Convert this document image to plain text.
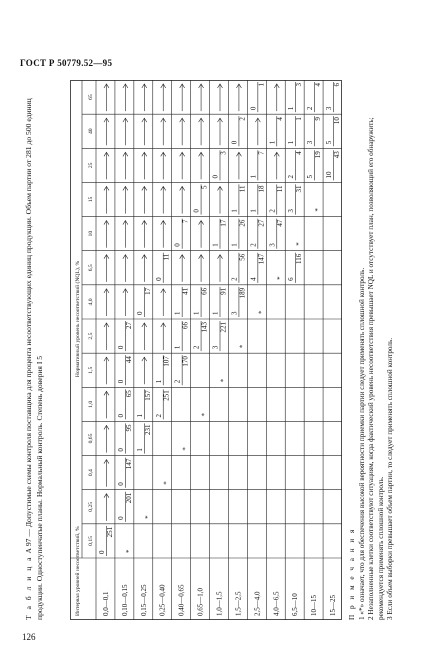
ГОСТ Р 50779.52—95
Т а б л и ц а А 97 — Допустимые схемы контроля поставщика для процента несоответствующих единиц продукции. Объем партии от 281 до 500 единиц продукции. Одноступенчатые планы. Нормальный контроль. Степень доверия I 5	Интервал уровней несоответствий, %
Нормативный уровень несоответствий (NQL), %
0,15
0,25
0,4
0,65
1,0
1,5
2,5
4,0
6,5
10
15
25
40
65
0,0—0,1 0,10—0,15 0,15—0,25 0,25—0,40 0,40—0,65 0,65—1,0 1,0—1,5 1,5—2,5 2,5—4,0 4,0—6,5 6,5—10 10—15 15—25
251
0	*
201
0
147
0
95
0
65
0
44
0
27
0
*
231
1
157
1
17
0
*
251
2
107
1
11
0
*
170
2
66
1
41
1
7
0
*
143
2
66
1
5
0
*
221
3
91
1
17
1
3
0
*
189
3
56
2
26
1
11
1
2
0
*
147
4
27
2
18
1
7
1
1
0
*
47
3
11
2
4
1
116
6
*
31
3
4
2
1
1
3
1
*
19
5
9
3
4
2
43
10
10
5
6
3
П р и м е ч а н и я 1 «*» означает, что для обеспечения высокой вероятности приемки партии следует применять сплошной контроль. 2 Незаполненные клетки соответствуют ситуациям, когда фактический уровень несоответствия превышает NQL и отсутствует план, позволяющий его обнаружить; рекомендуется применять сплошной контроль. 3 Если объем выборки превышает объем партии, то следует применять сплошной контроль.
126
